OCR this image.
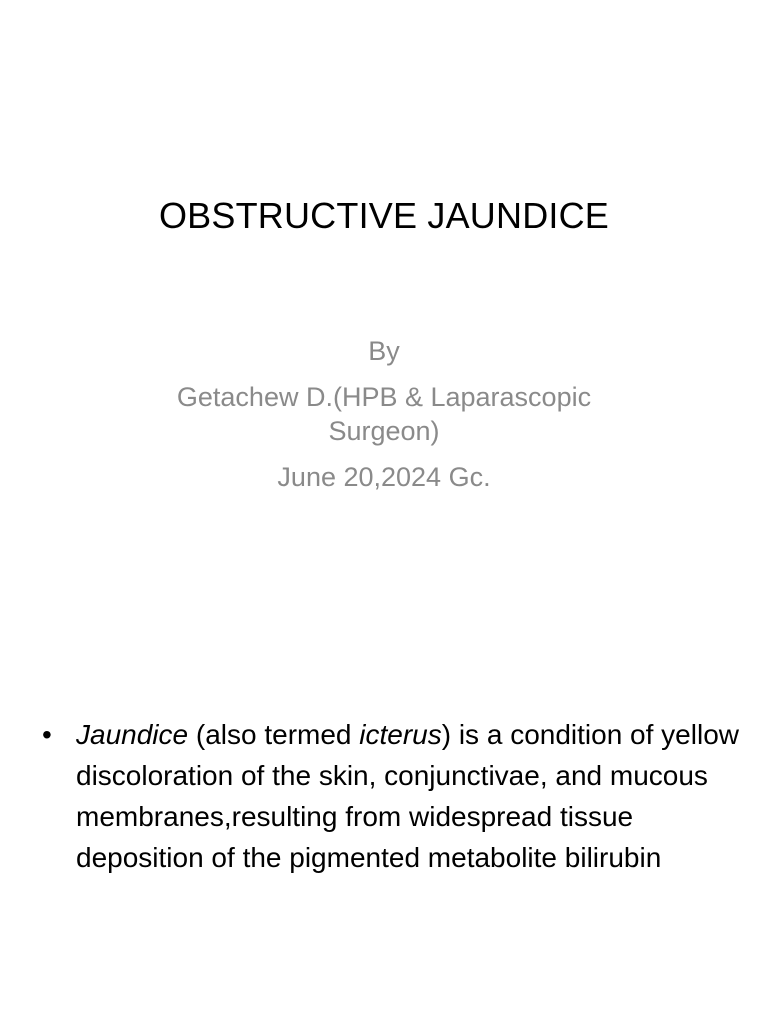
OBSTRUCTIVE JAUNDICE
By
Getachew D.(HPB & Laparascopic Surgeon)
June 20,2024 Gc.
• Jaundice (also termed icterus) is a condition of yellow discoloration of the skin, conjunctivae, and mucous membranes,resulting from widespread tissue deposition of the pigmented metabolite bilirubin
